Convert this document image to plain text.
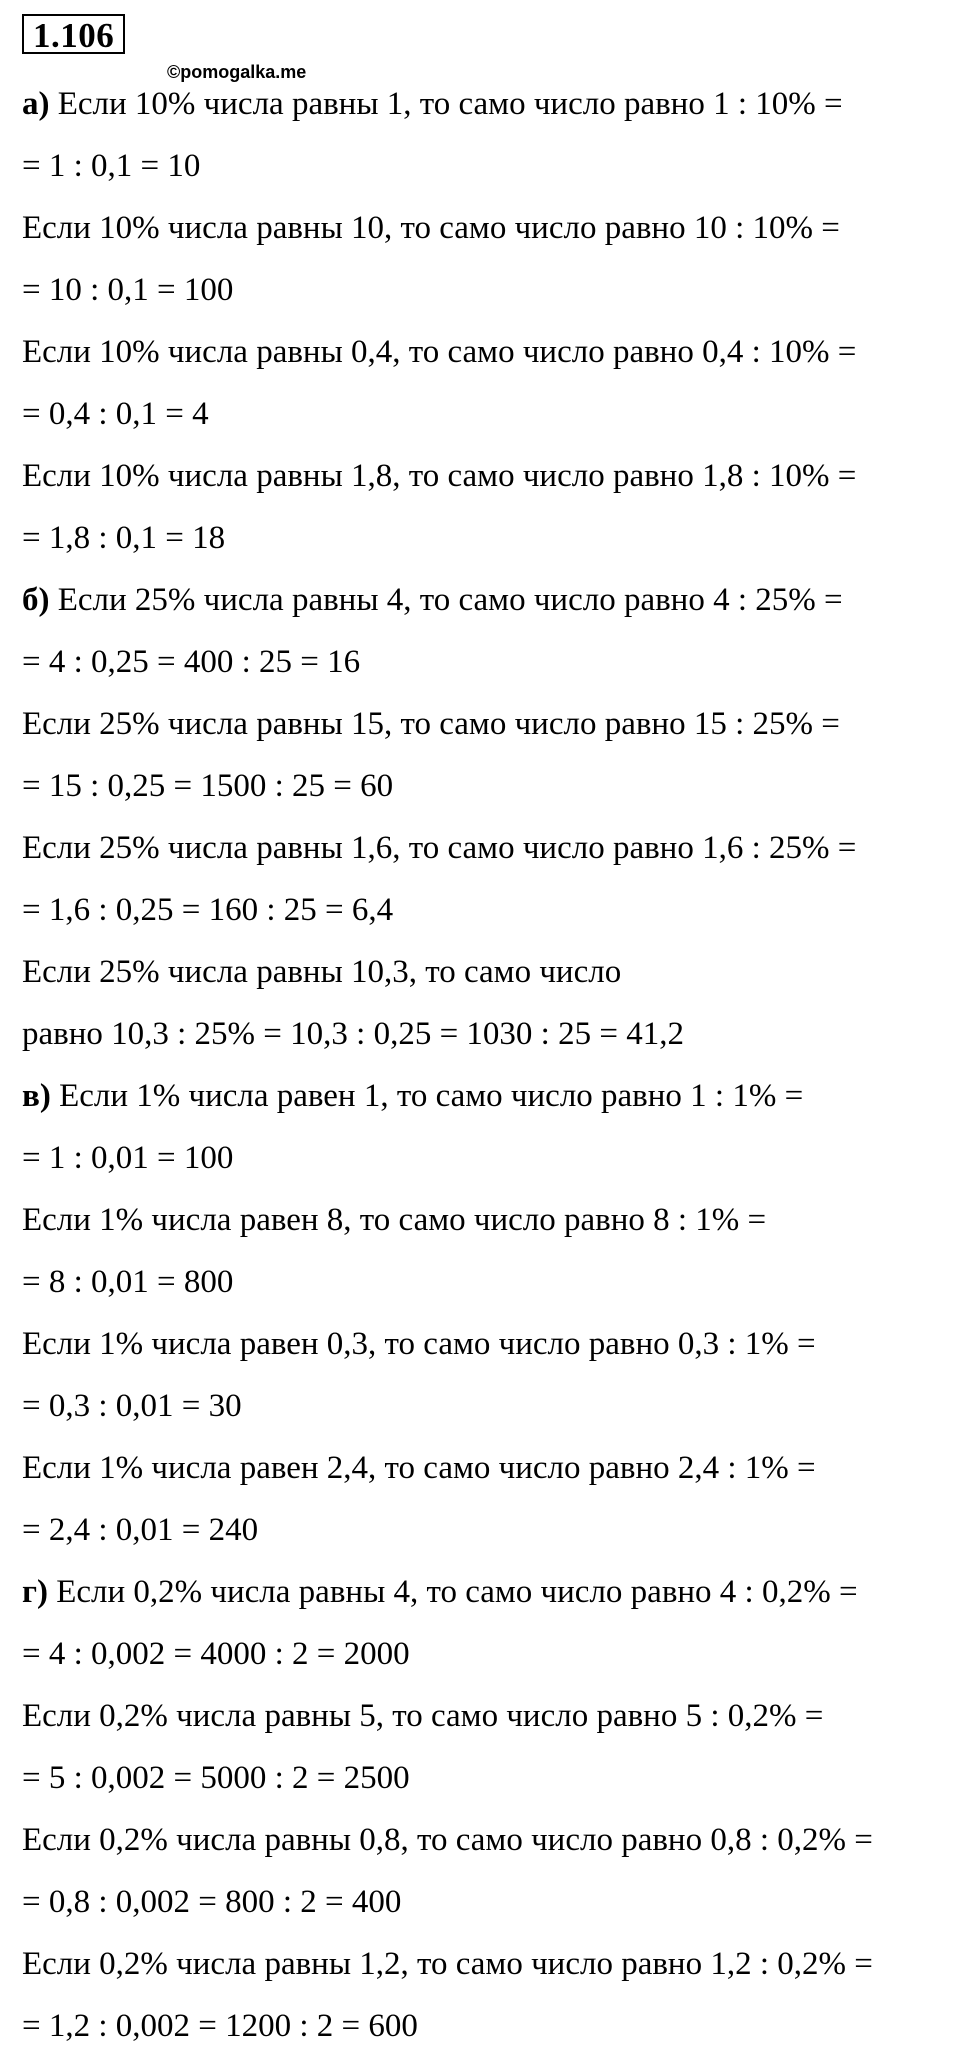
1.106
©pomogalka.me
а) Если 10% числа равны 1, то само число равно 1 : 10% =
= 1 : 0,1 = 10
Если 10% числа равны 10, то само число равно 10 : 10% =
= 10 : 0,1 = 100
Если 10% числа равны 0,4, то само число равно 0,4 : 10% =
= 0,4 : 0,1 = 4
Если 10% числа равны 1,8, то само число равно 1,8 : 10% =
= 1,8 : 0,1 = 18
б) Если 25% числа равны 4, то само число равно 4 : 25% =
= 4 : 0,25 = 400 : 25 = 16
Если 25% числа равны 15, то само число равно 15 : 25% =
= 15 : 0,25 = 1500 : 25 = 60
Если 25% числа равны 1,6, то само число равно 1,6 : 25% =
= 1,6 : 0,25 = 160 : 25 = 6,4
Если 25% числа равны 10,3, то само число
равно 10,3 : 25% = 10,3 : 0,25 = 1030 : 25 = 41,2
в) Если 1% числа равен 1, то само число равно 1 : 1% =
= 1 : 0,01 = 100
Если 1% числа равен 8, то само число равно 8 : 1% =
= 8 : 0,01 = 800
Если 1% числа равен 0,3, то само число равно 0,3 : 1% =
= 0,3 : 0,01 = 30
Если 1% числа равен 2,4, то само число равно 2,4 : 1% =
= 2,4 : 0,01 = 240
г) Если 0,2% числа равны 4, то само число равно 4 : 0,2% =
= 4 : 0,002 = 4000 : 2 = 2000
Если 0,2% числа равны 5, то само число равно 5 : 0,2% =
= 5 : 0,002 = 5000 : 2 = 2500
Если 0,2% числа равны 0,8, то само число равно 0,8 : 0,2% =
= 0,8 : 0,002 = 800 : 2 = 400
Если 0,2% числа равны 1,2, то само число равно 1,2 : 0,2% =
= 1,2 : 0,002 = 1200 : 2 = 600
